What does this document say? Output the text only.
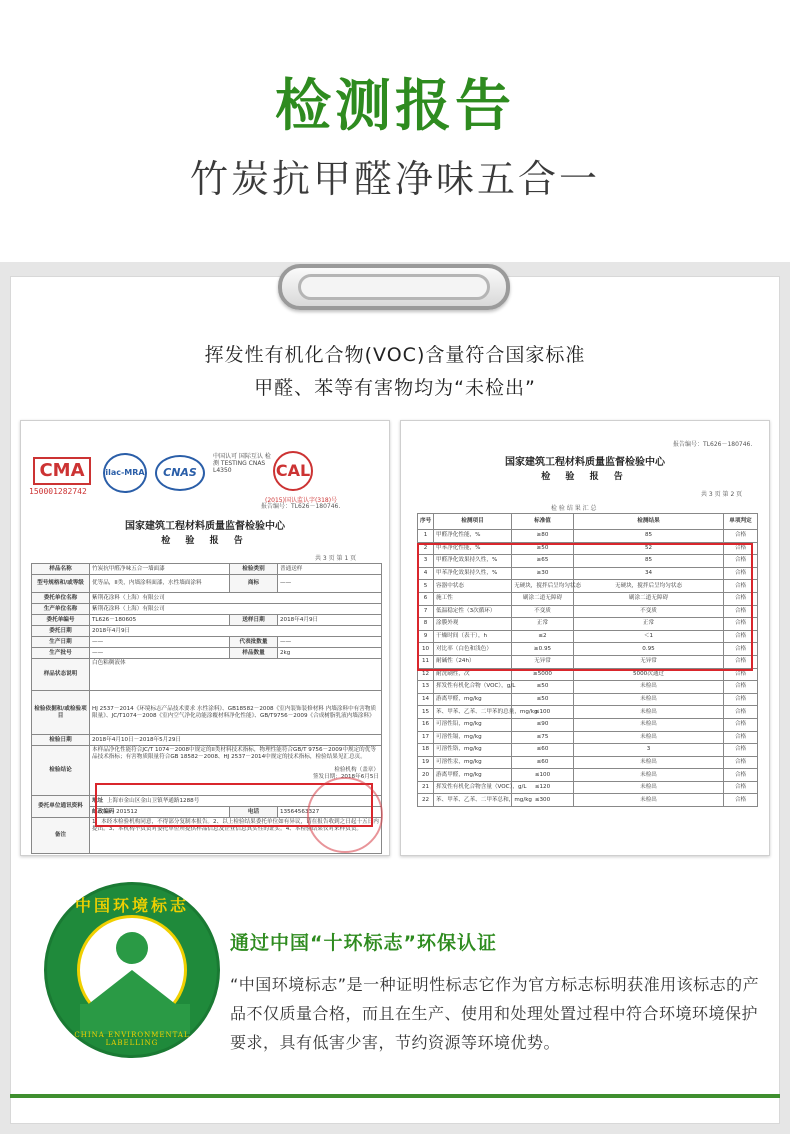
检测报告
竹炭抗甲醛净味五合一
挥发性有机化合物(VOC)含量符合国家标准
甲醛、苯等有害物均为“未检出”
CMA
150001282742
ilac-MRA	CNAS
中国认可 国际互认 检测 TESTING CNAS L4350	CAL
(2015)国认监认字(318)号
报告编号：TL626－180746.
国家建筑工程材料质量监督检验中心
检 验 报 告
共 3 页 第 1 页
样品名称	竹炭抗甲醛净味五合一墙面漆	检验类别	普通送样
型号规格和/或等级	优等品，II类，内墙涂料面漆，水性墙面涂料	商标	——
委托单位名称	紫荆花涂料（上海）有限公司		
生产单位名称	紫荆花涂料（上海）有限公司		
委托单编号	TL626－180605	送样日期	2018年4月9日
委托日期	2018年4月9日		
生产日期	——	代表批数量	——
生产批号	——	样品数量	2kg
样品状态说明	白色粘稠液体		
检验依据和/或检验项目	HJ 2537－2014《环境标志产品技术要求 水性涂料》、GB18582－2008《室内装饰装修材料 内墙涂料中有害物质限量》、JC/T1074－2008《室内空气净化功能涂覆材料净化性能》、GB/T9756－2009《合成树脂乳液内墙涂料》		
检验日期	2018年4月10日－2018年5月29日		
检验结论	本样品净化性能符合JC/T 1074－2008中规定的II类材料技术指标，物理性能符合GB/T 9756－2009中规定的优等品技术指标；有害物质限量符合GB 18582－2008、HJ 2537－2014中规定的技术指标，检验结果见汇总页。
检验机构（盖章）
签发日期：2018年6月5日		

委托单位通讯资料	地址 上海市金山区金山卫镇华通路1288号		
	邮政编码 201512	电话	13564563327
备注	1、本经本检验机构同意，不得部分复制本报告。2、以上检验结果委托单位如有异议，请在报告收到之日起十五日内提出。3、本机构不负责对委托单位所提供样品信息及企业信息真实性的证实。4、本检验结果仅对来样负责。		
报告编号：TL626－180746.
国家建筑工程材料质量监督检验中心
检 验 报 告
共 3 页 第 2 页
检 验 结 果 汇 总
序号	检测项目	标准值	检测结果	单项判定
1	甲醛净化性能，%	≥80	85	合格
2	甲苯净化性能，%	≥50	52	合格
3	甲醛净化效果持久性，%	≥65	85	合格
4	甲苯净化效果持久性，%	≥30	34	合格
5	容器中状态	无硬块，搅拌后呈均匀状态	无硬块，搅拌后呈均匀状态	合格
6	施工性	刷涂二道无障碍	刷涂二道无障碍	合格
7	低温稳定性（3次循环）	不变质	不变质	合格
8	涂膜外观	正常	正常	合格
9	干燥时间（表干），h	≤2	＜1	合格
10	对比率（白色和浅色）	≥0.95	0.95	合格
11	耐碱性（24h）	无异常	无异常	合格
12	耐洗刷性，次	≥5000	5000次通过	合格
13	挥发性有机化合物（VOC），g/L	≤50	未检出	合格
14	游离甲醛，mg/kg	≤50	未检出	合格
15	苯、甲苯、乙苯、二甲苯的总量，mg/kg	≤100	未检出	合格
16	可溶性铅，mg/kg	≤90	未检出	合格
17	可溶性镉，mg/kg	≤75	未检出	合格
18	可溶性铬，mg/kg	≤60	3	合格
19	可溶性汞，mg/kg	≤60	未检出	合格
20	游离甲醛，mg/kg	≤100	未检出	合格
21	挥发性有机化合物含量（VOC），g/L	≤120	未检出	合格
22	苯、甲苯、乙苯、二甲苯总和，mg/kg	≤300	未检出	合格
中国环境标志
CHINA ENVIRONMENTAL LABELLING
通过中国“十环标志”环保认证
“中国环境标志”是一种证明性标志它作为官方标志标明获准用该标志的产品不仅质量合格，而且在生产、使用和处理处置过程中符合环境环境保护要求，具有低害少害，节约资源等环境优势。
